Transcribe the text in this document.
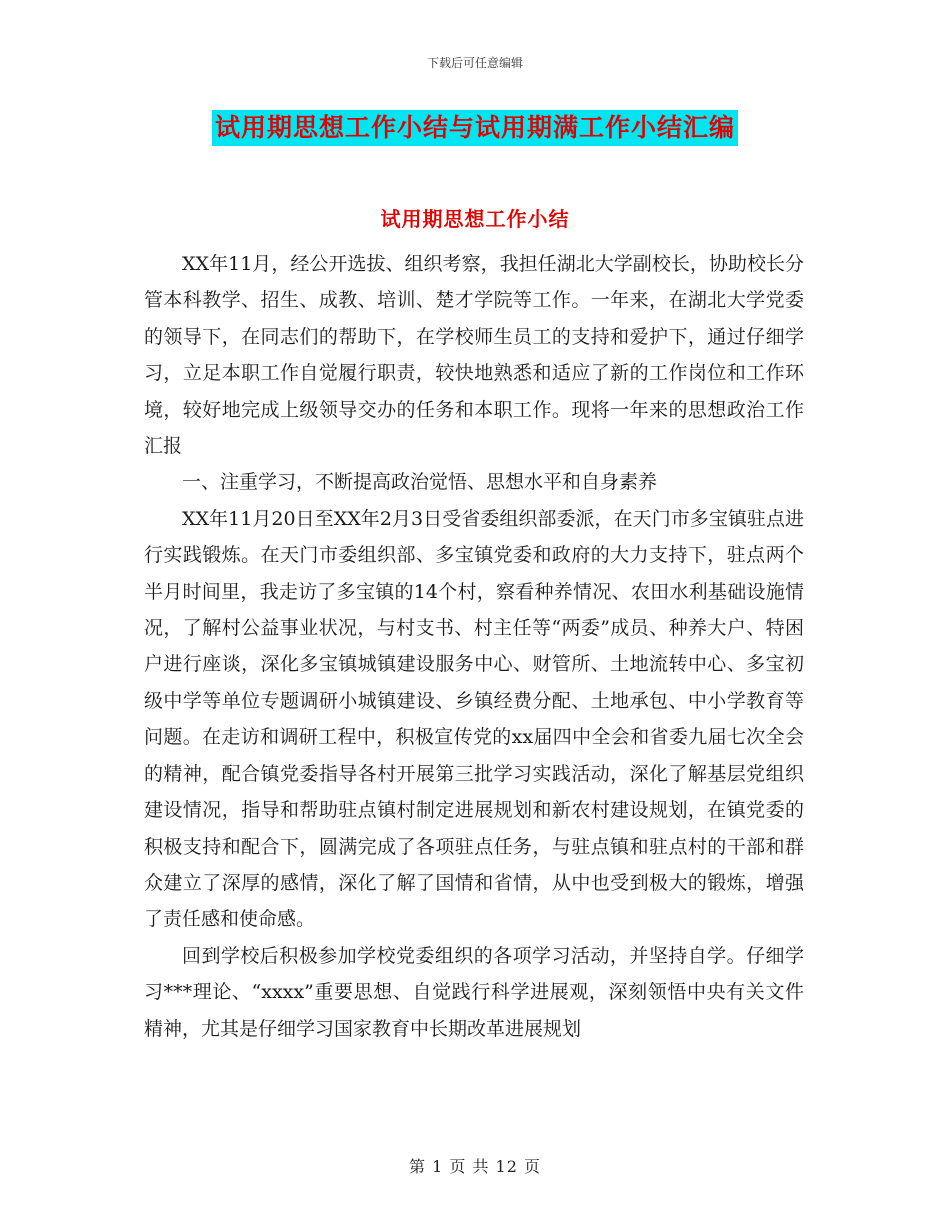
下载后可任意编辑
试用期思想工作小结与试用期满工作小结汇编
试用期思想工作小结

XX年11月，经公开选拔、组织考察，我担任湖北大学副校长，协助校长分管本科教学、招生、成教、培训、楚才学院等工作。一年来，在湖北大学党委的领导下，在同志们的帮助下，在学校师生员工的支持和爱护下，通过仔细学习，立足本职工作自觉履行职责，较快地熟悉和适应了新的工作岗位和工作环境，较好地完成上级领导交办的任务和本职工作。现将一年来的思想政治工作汇报

一、注重学习，不断提高政治觉悟、思想水平和自身素养

XX年11月20日至XX年2月3日受省委组织部委派，在天门市多宝镇驻点进行实践锻炼。在天门市委组织部、多宝镇党委和政府的大力支持下，驻点两个半月时间里，我走访了多宝镇的14个村，察看种养情况、农田水利基础设施情况，了解村公益事业状况，与村支书、村主任等“两委”成员、种养大户、特困户进行座谈，深化多宝镇城镇建设服务中心、财管所、土地流转中心、多宝初级中学等单位专题调研小城镇建设、乡镇经费分配、土地承包、中小学教育等问题。在走访和调研工程中，积极宣传党的xx届四中全会和省委九届七次全会的精神，配合镇党委指导各村开展第三批学习实践活动，深化了解基层党组织建设情况，指导和帮助驻点镇村制定进展规划和新农村建设规划，在镇党委的积极支持和配合下，圆满完成了各项驻点任务，与驻点镇和驻点村的干部和群众建立了深厚的感情，深化了解了国情和省情，从中也受到极大的锻炼，增强了责任感和使命感。

回到学校后积极参加学校党委组织的各项学习活动，并坚持自学。仔细学习***理论、“xxxx”重要思想、自觉践行科学进展观，深刻领悟中央有关文件精神，尤其是仔细学习国家教育中长期改革进展规划

第 1 页 共 12 页
